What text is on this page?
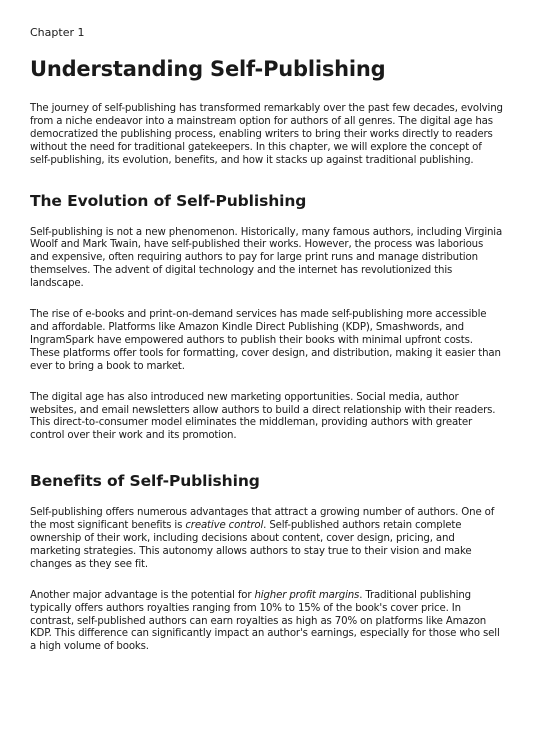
Chapter 1
Understanding Self-Publishing

The journey of self-publishing has transformed remarkably over the past few decades, evolving from a niche endeavor into a mainstream option for authors of all genres. The digital age has democratized the publishing process, enabling writers to bring their works directly to readers without the need for traditional gatekeepers. In this chapter, we will explore the concept of self-publishing, its evolution, benefits, and how it stacks up against traditional publishing.

The Evolution of Self-Publishing

Self-publishing is not a new phenomenon. Historically, many famous authors, including Virginia Woolf and Mark Twain, have self-published their works. However, the process was laborious and expensive, often requiring authors to pay for large print runs and manage distribution themselves. The advent of digital technology and the internet has revolutionized this landscape.

The rise of e-books and print-on-demand services has made self-publishing more accessible and affordable. Platforms like Amazon Kindle Direct Publishing (KDP), Smashwords, and IngramSpark have empowered authors to publish their books with minimal upfront costs. These platforms offer tools for formatting, cover design, and distribution, making it easier than ever to bring a book to market.

The digital age has also introduced new marketing opportunities. Social media, author websites, and email newsletters allow authors to build a direct relationship with their readers. This direct-to-consumer model eliminates the middleman, providing authors with greater control over their work and its promotion.

Benefits of Self-Publishing

Self-publishing offers numerous advantages that attract a growing number of authors. One of the most significant benefits is creative control. Self-published authors retain complete ownership of their work, including decisions about content, cover design, pricing, and marketing strategies. This autonomy allows authors to stay true to their vision and make changes as they see fit.

Another major advantage is the potential for higher profit margins. Traditional publishing typically offers authors royalties ranging from 10% to 15% of the book's cover price. In contrast, self-published authors can earn royalties as high as 70% on platforms like Amazon KDP. This difference can significantly impact an author's earnings, especially for those who sell a high volume of books.
